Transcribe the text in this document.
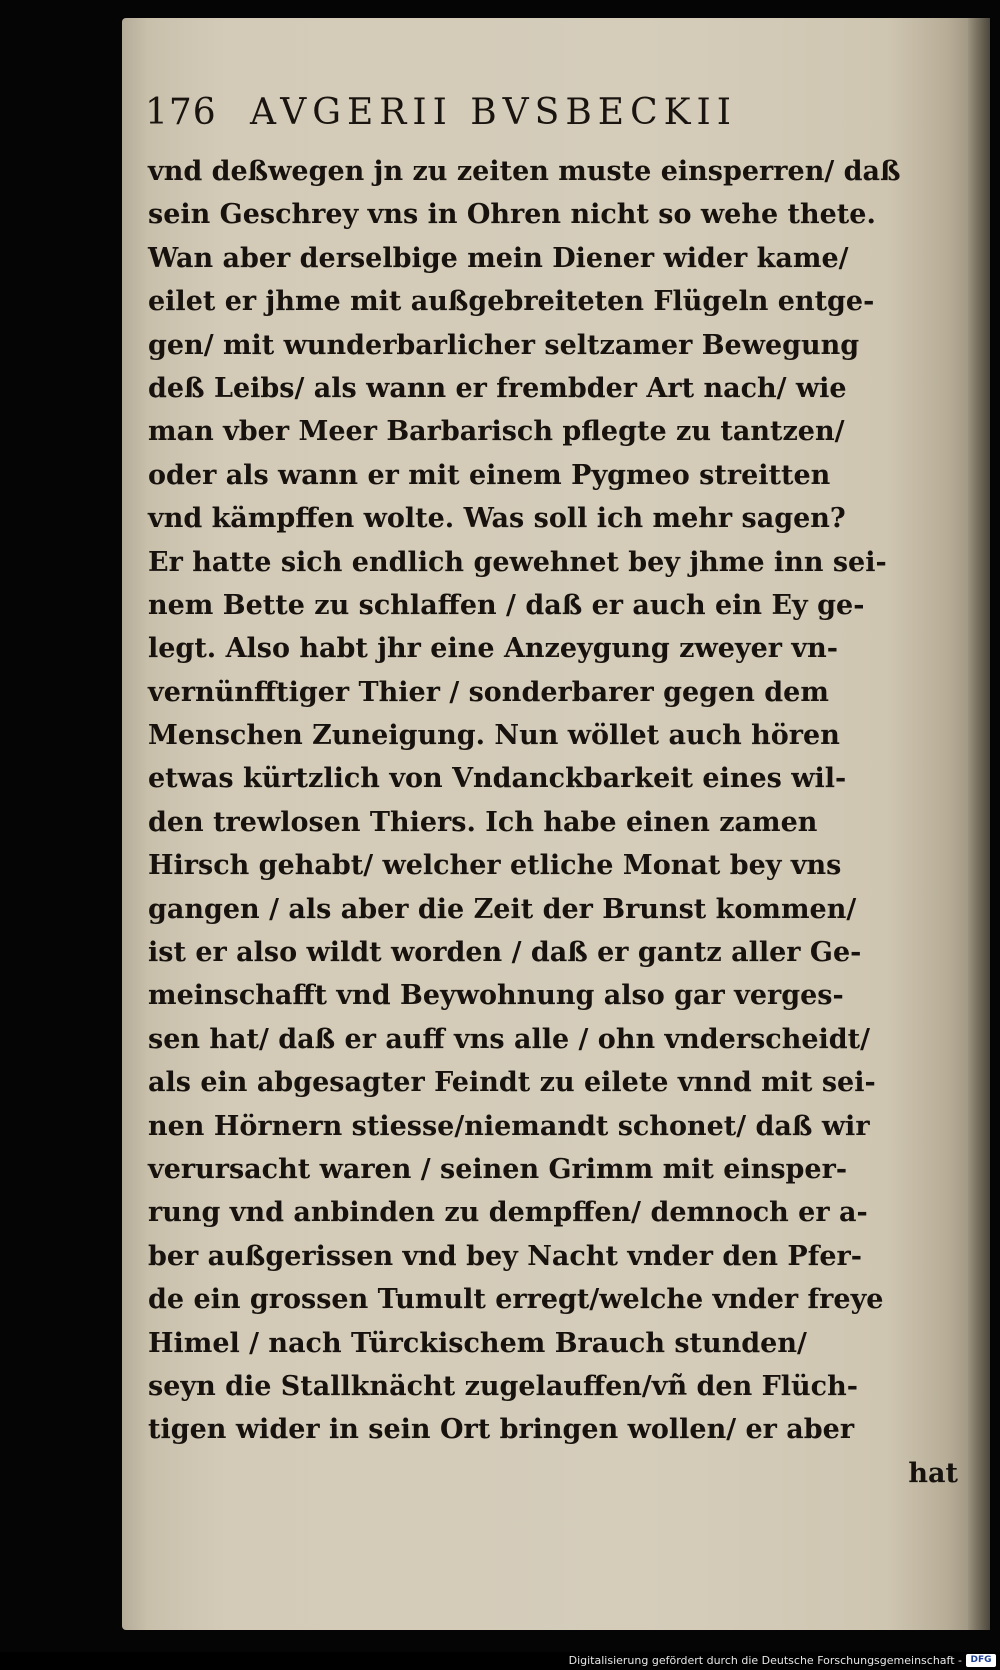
176 AVGERII BVSBECKII
vnd deßwegen jn zu zeiten muste einsperren/ daß
sein Geschrey vns in Ohren nicht so wehe thete.
Wan aber derselbige mein Diener wider kame/
eilet er jhme mit außgebreiteten Flügeln entge-
gen/ mit wunderbarlicher seltzamer Bewegung
deß Leibs/ als wann er frembder Art nach/ wie
man vber Meer Barbarisch pflegte zu tantzen/
oder als wann er mit einem Pygmeo streitten
vnd kämpffen wolte. Was soll ich mehr sagen?
Er hatte sich endlich gewehnet bey jhme inn sei-
nem Bette zu schlaffen / daß er auch ein Ey ge-
legt. Also habt jhr eine Anzeygung zweyer vn-
vernünfftiger Thier / sonderbarer gegen dem
Menschen Zuneigung. Nun wöllet auch hören
etwas kürtzlich von Vndanckbarkeit eines wil-
den trewlosen Thiers. Ich habe einen zamen
Hirsch gehabt/ welcher etliche Monat bey vns
gangen / als aber die Zeit der Brunst kommen/
ist er also wildt worden / daß er gantz aller Ge-
meinschafft vnd Beywohnung also gar verges-
sen hat/ daß er auff vns alle / ohn vnderscheidt/
als ein abgesagter Feindt zu eilete vnnd mit sei-
nen Hörnern stiesse/niemandt schonet/ daß wir
verursacht waren / seinen Grimm mit einsper-
rung vnd anbinden zu dempffen/ demnoch er a-
ber außgerissen vnd bey Nacht vnder den Pfer-
de ein grossen Tumult erregt/welche vnder freye
Himel / nach Türckischem Brauch stunden/
seyn die Stallknächt zugelauffen/vñ den Flüch-
tigen wider in sein Ort bringen wollen/ er aber
hat
Digitalisierung gefördert durch die Deutsche Forschungsgemeinschaft - DFG
